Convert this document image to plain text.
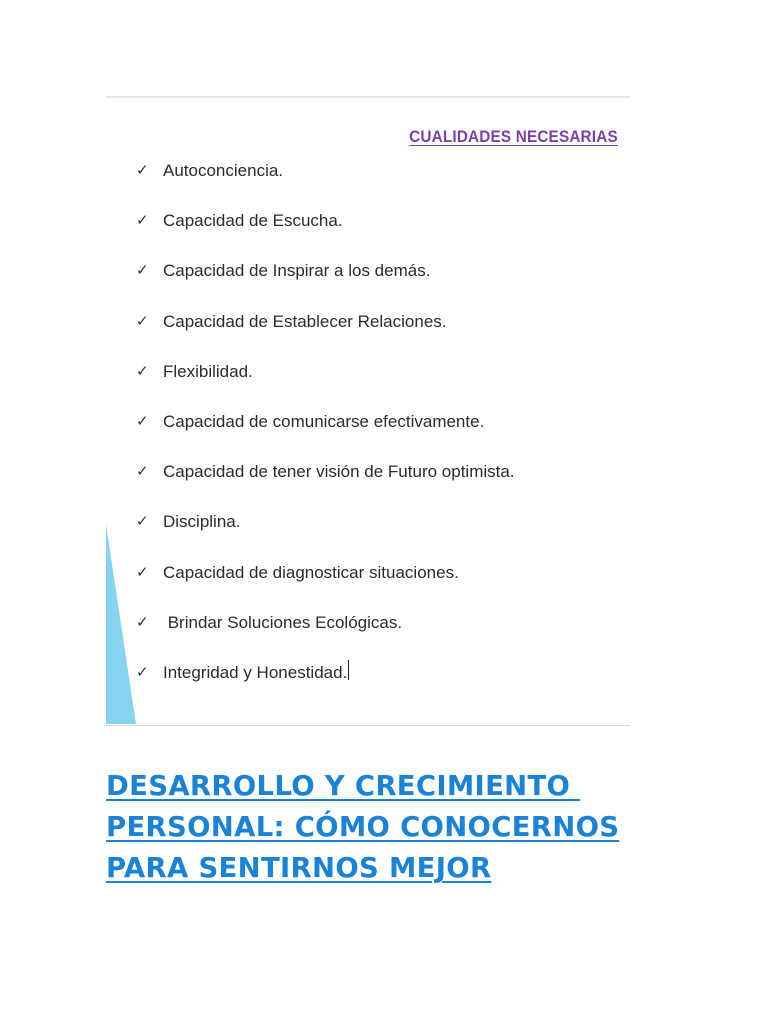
CUALIDADES NECESARIAS
✓ Autoconciencia.
✓ Capacidad de Escucha.
✓ Capacidad de Inspirar a los demás.
✓ Capacidad de Establecer Relaciones.
✓ Flexibilidad.
✓ Capacidad de comunicarse efectivamente.
✓ Capacidad de tener visión de Futuro optimista.
✓ Disciplina.
✓ Capacidad de diagnosticar situaciones.
✓ Brindar Soluciones Ecológicas.
✓ Integridad y Honestidad.
DESARROLLO Y CRECIMIENTO
PERSONAL: CÓMO CONOCERNOS
PARA SENTIRNOS MEJOR
